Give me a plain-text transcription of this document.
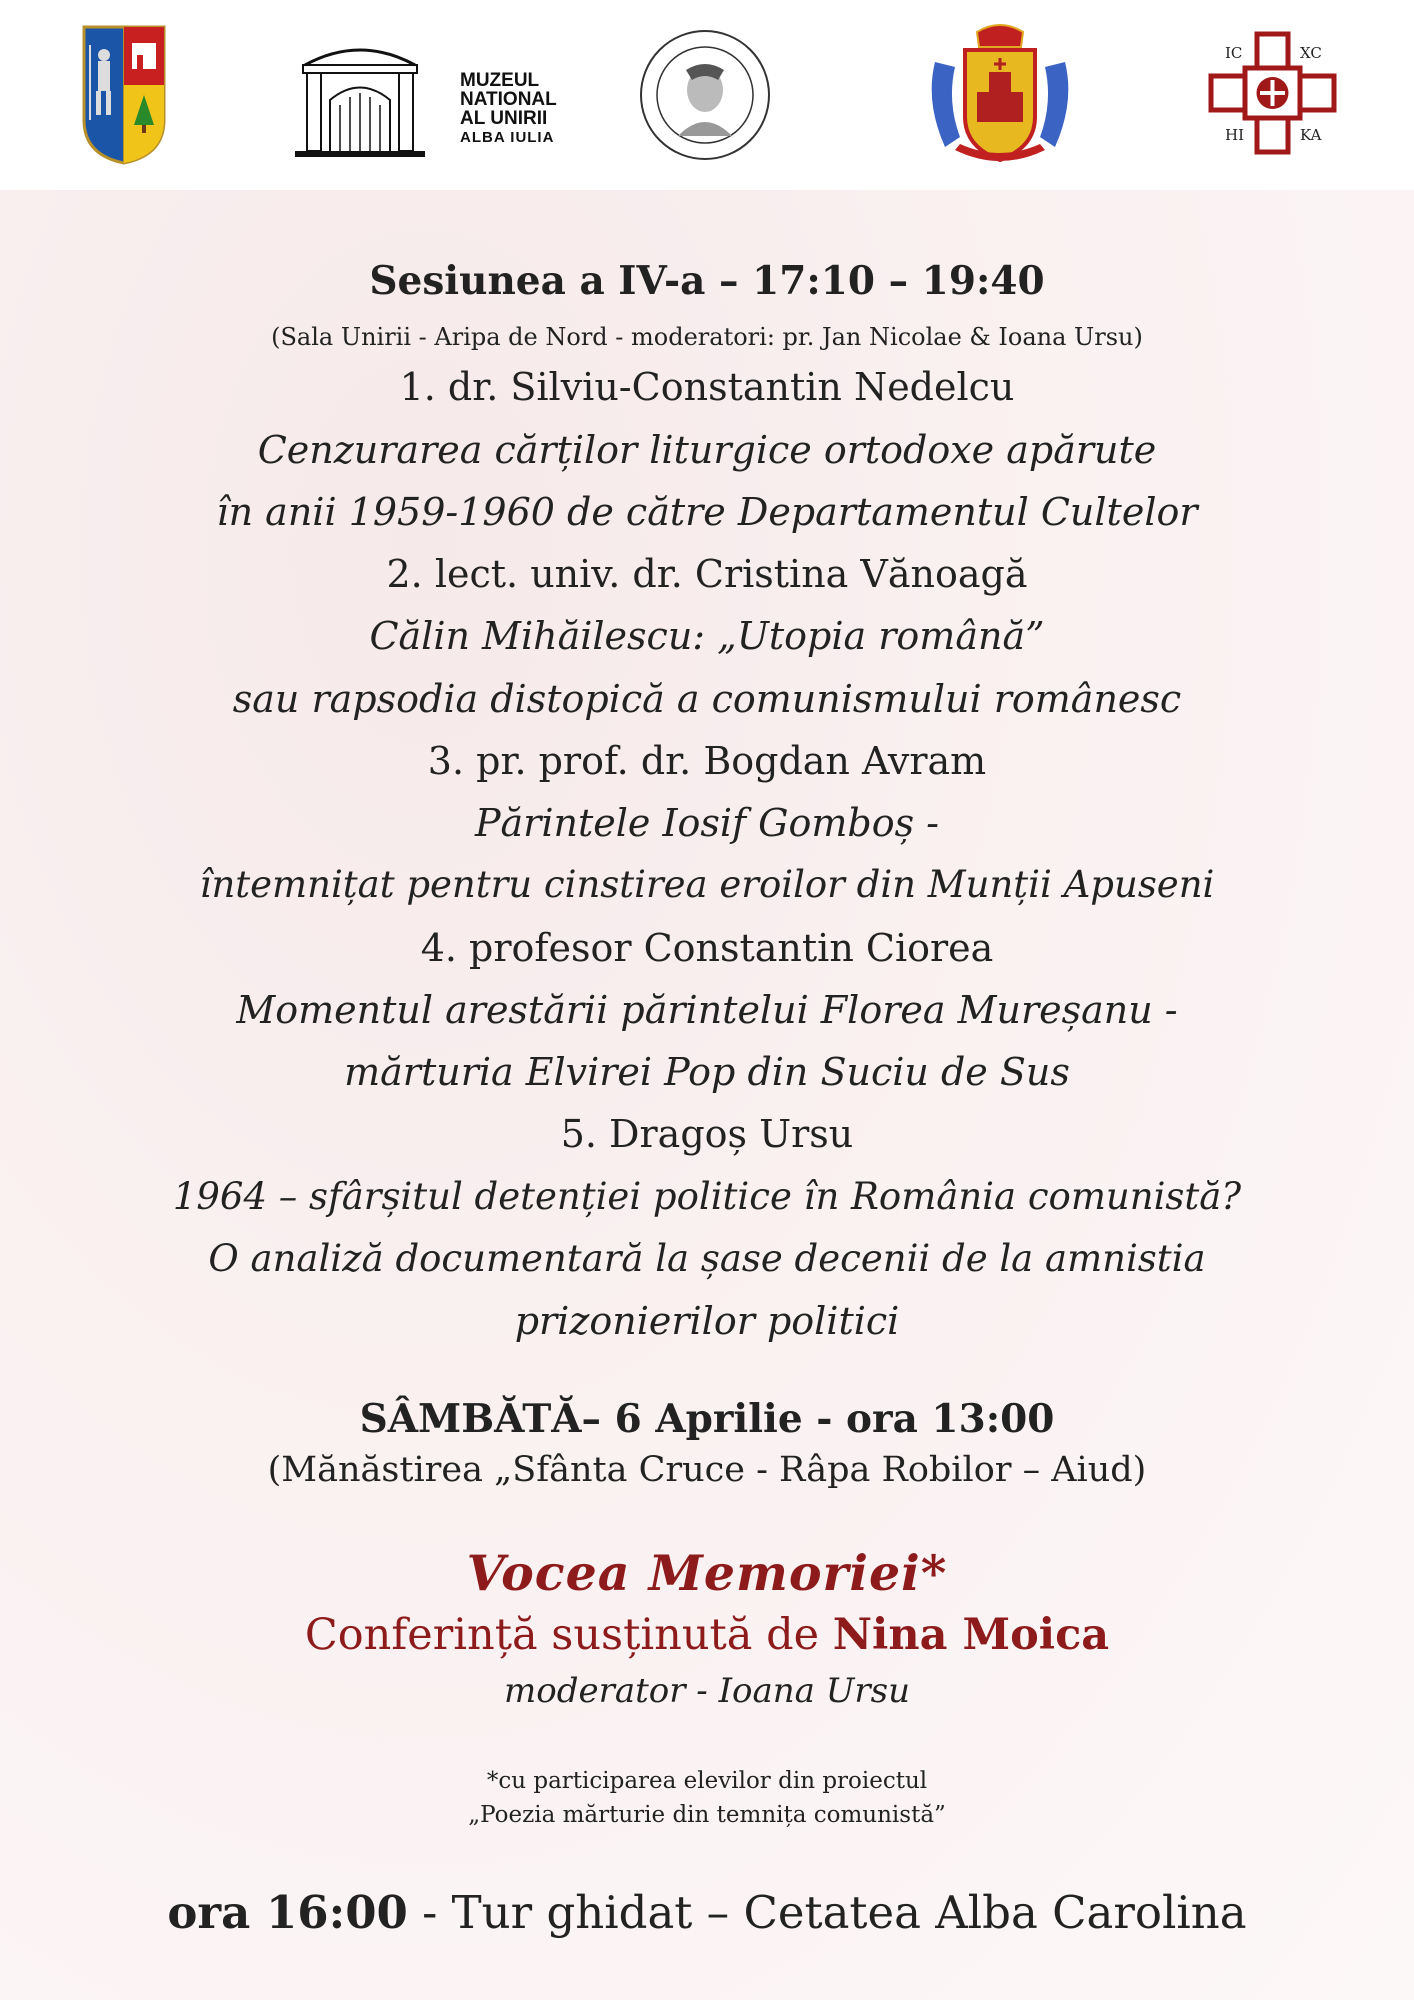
MUZEUL
NATIONAL
AL UNIRII
ALBA IULIA
IC	XC
HI	KA
Sesiunea a IV-a – 17:10 – 19:40
(Sala Unirii - Aripa de Nord - moderatori: pr. Jan Nicolae & Ioana Ursu)
1. dr. Silviu-Constantin Nedelcu
Cenzurarea cărților liturgice ortodoxe apărute
în anii 1959-1960 de către Departamentul Cultelor
2. lect. univ. dr. Cristina Vănoagă
Călin Mihăilescu: „Utopia română”
sau rapsodia distopică a comunismului românesc
3. pr. prof. dr. Bogdan Avram
Părintele Iosif Gomboș -
întemnițat pentru cinstirea eroilor din Munții Apuseni
4. profesor Constantin Ciorea
Momentul arestării părintelui Florea Mureșanu -
mărturia Elvirei Pop din Suciu de Sus
5. Dragoș Ursu
1964 – sfârșitul detenției politice în România comunistă?
O analiză documentară la șase decenii de la amnistia
prizonierilor politici
SÂMBĂTĂ– 6 Aprilie - ora 13:00
(Mănăstirea „Sfânta Cruce - Râpa Robilor – Aiud)
Vocea Memoriei*
Conferință susținută de Nina Moica
moderator - Ioana Ursu
*cu participarea elevilor din proiectul
„Poezia mărturie din temnița comunistă”
ora 16:00 - Tur ghidat – Cetatea Alba Carolina
